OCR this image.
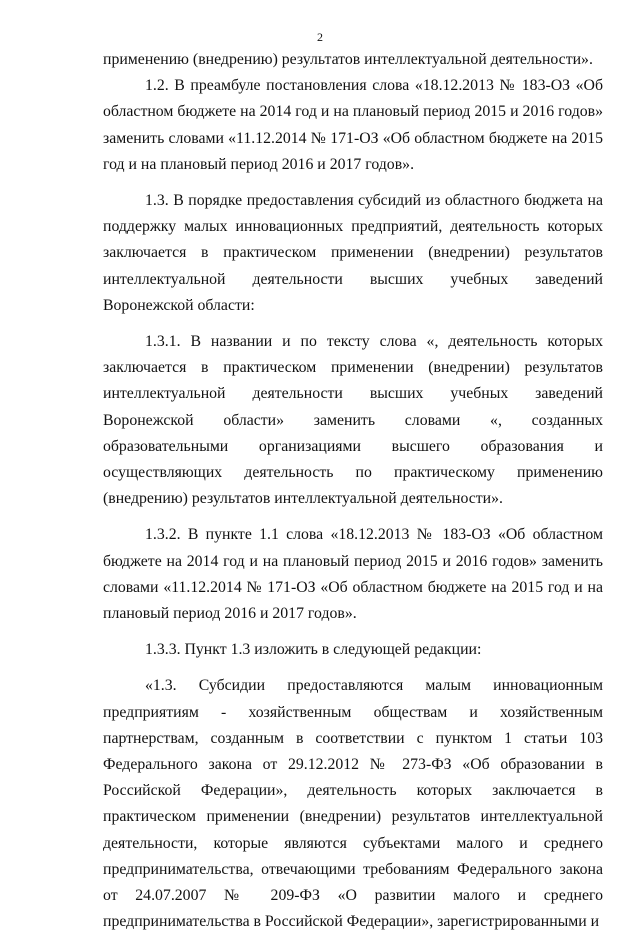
2

применению (внедрению) результатов интеллектуальной деятельности».

1.2. В преамбуле постановления слова «18.12.2013 № 183-ОЗ «Об областном бюджете на 2014 год и на плановый период 2015 и 2016 годов» заменить словами «11.12.2014 № 171-ОЗ «Об областном бюджете на 2015 год и на плановый период 2016 и 2017 годов».

1.3. В порядке предоставления субсидий из областного бюджета на поддержку малых инновационных предприятий, деятельность которых заключается в практическом применении (внедрении) результатов интеллектуальной деятельности высших учебных заведений Воронежской области:

1.3.1. В названии и по тексту слова «, деятельность которых заключается в практическом применении (внедрении) результатов интеллектуальной деятельности высших учебных заведений Воронежской области» заменить словами «, созданных образовательными организациями высшего образования и осуществляющих деятельность по практическому применению (внедрению) результатов интеллектуальной деятельности».

1.3.2. В пункте 1.1 слова «18.12.2013 № 183-ОЗ «Об областном бюджете на 2014 год и на плановый период 2015 и 2016 годов» заменить словами «11.12.2014 № 171-ОЗ «Об областном бюджете на 2015 год и на плановый период 2016 и 2017 годов».

1.3.3. Пункт 1.3 изложить в следующей редакции:

«1.3. Субсидии предоставляются малым инновационным предприятиям - хозяйственным обществам и хозяйственным партнерствам, созданным в соответствии с пунктом 1 статьи 103 Федерального закона от 29.12.2012 № 273-ФЗ «Об образовании в Российской Федерации», деятельность которых заключается в практическом применении (внедрении) результатов интеллектуальной деятельности, которые являются субъектами малого и среднего предпринимательства, отвечающими требованиям Федерального закона от 24.07.2007 № 209-ФЗ «О развитии малого и среднего предпринимательства в Российской Федерации», зарегистрированными и
